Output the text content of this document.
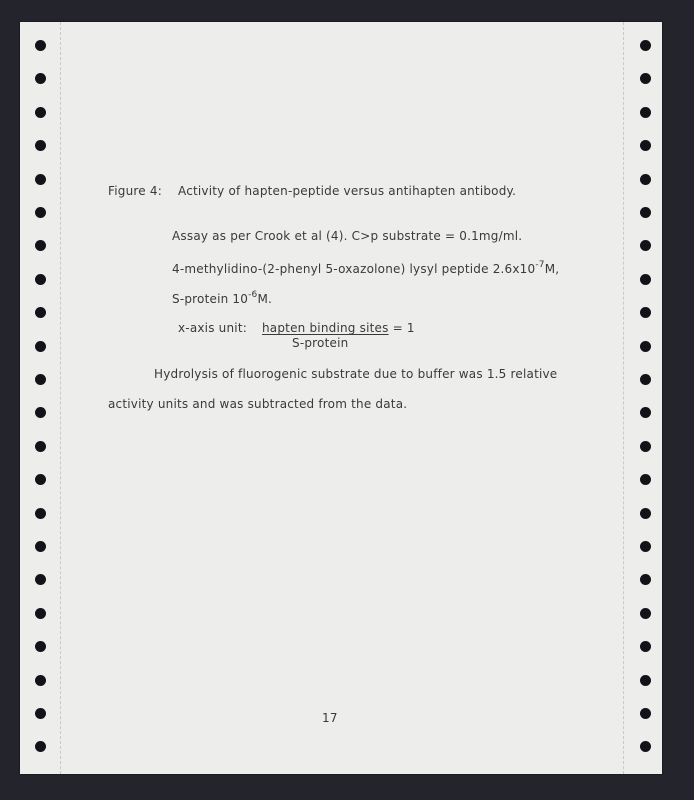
Figure 4: Activity of hapten-peptide versus antihapten antibody.
Assay as per Crook et al (4). C>p substrate = 0.1mg/ml.
4-methylidino-(2-phenyl 5-oxazolone) lysyl peptide $2.6x10^{-7}M$,
S-protein $10^{-6}M$.
x-axis unit: hapten binding sites = 1
S-protein
Hydrolysis of fluorogenic substrate due to buffer was 1.5 relative
activity units and was subtracted from the data.
17
